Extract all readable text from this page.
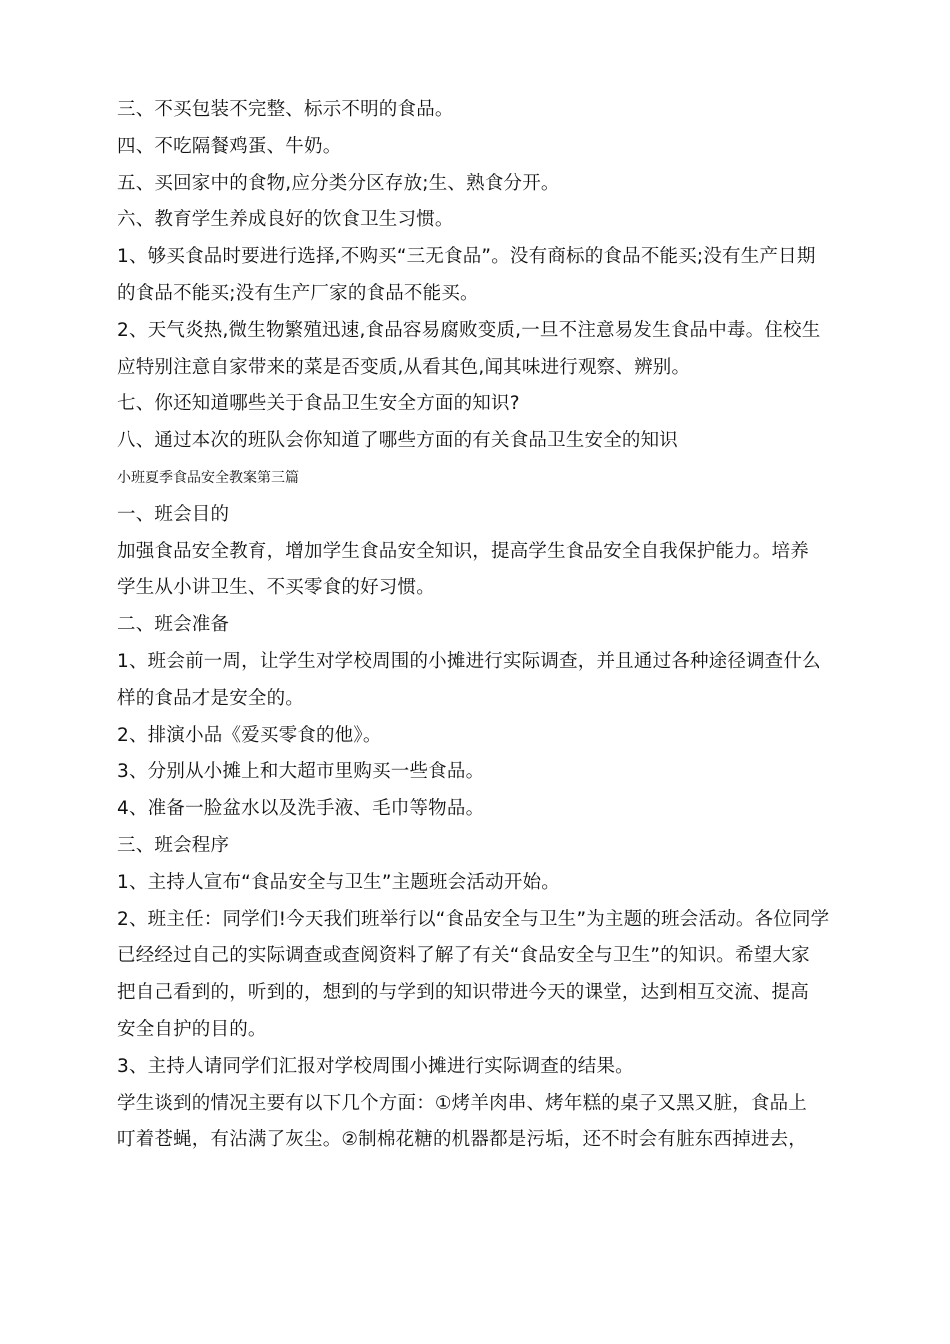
三、不买包装不完整、标示不明的食品。
四、不吃隔餐鸡蛋、牛奶。
五、买回家中的食物,应分类分区存放;生、熟食分开。
六、教育学生养成良好的饮食卫生习惯。
1、够买食品时要进行选择,不购买“三无食品”。没有商标的食品不能买;没有生产日期
的食品不能买;没有生产厂家的食品不能买。
2、天气炎热,微生物繁殖迅速,食品容易腐败变质,一旦不注意易发生食品中毒。住校生
应特别注意自家带来的菜是否变质,从看其色,闻其味进行观察、辨别。
七、你还知道哪些关于食品卫生安全方面的知识?
八、通过本次的班队会你知道了哪些方面的有关食品卫生安全的知识
小班夏季食品安全教案第三篇
一、班会目的
加强食品安全教育，增加学生食品安全知识，提高学生食品安全自我保护能力。培养
学生从小讲卫生、不买零食的好习惯。
二、班会准备
1、班会前一周，让学生对学校周围的小摊进行实际调查，并且通过各种途径调查什么
样的食品才是安全的。
2、排演小品《爱买零食的他》。
3、分别从小摊上和大超市里购买一些食品。
4、准备一脸盆水以及洗手液、毛巾等物品。
三、班会程序
1、主持人宣布“食品安全与卫生”主题班会活动开始。
2、班主任：同学们!今天我们班举行以“食品安全与卫生”为主题的班会活动。各位同学
已经经过自己的实际调查或查阅资料了解了有关“食品安全与卫生”的知识。希望大家
把自己看到的，听到的，想到的与学到的知识带进今天的课堂，达到相互交流、提高
安全自护的目的。
3、主持人请同学们汇报对学校周围小摊进行实际调查的结果。
学生谈到的情况主要有以下几个方面：①烤羊肉串、烤年糕的桌子又黑又脏，食品上
叮着苍蝇，有沾满了灰尘。②制棉花糖的机器都是污垢，还不时会有脏东西掉进去，
